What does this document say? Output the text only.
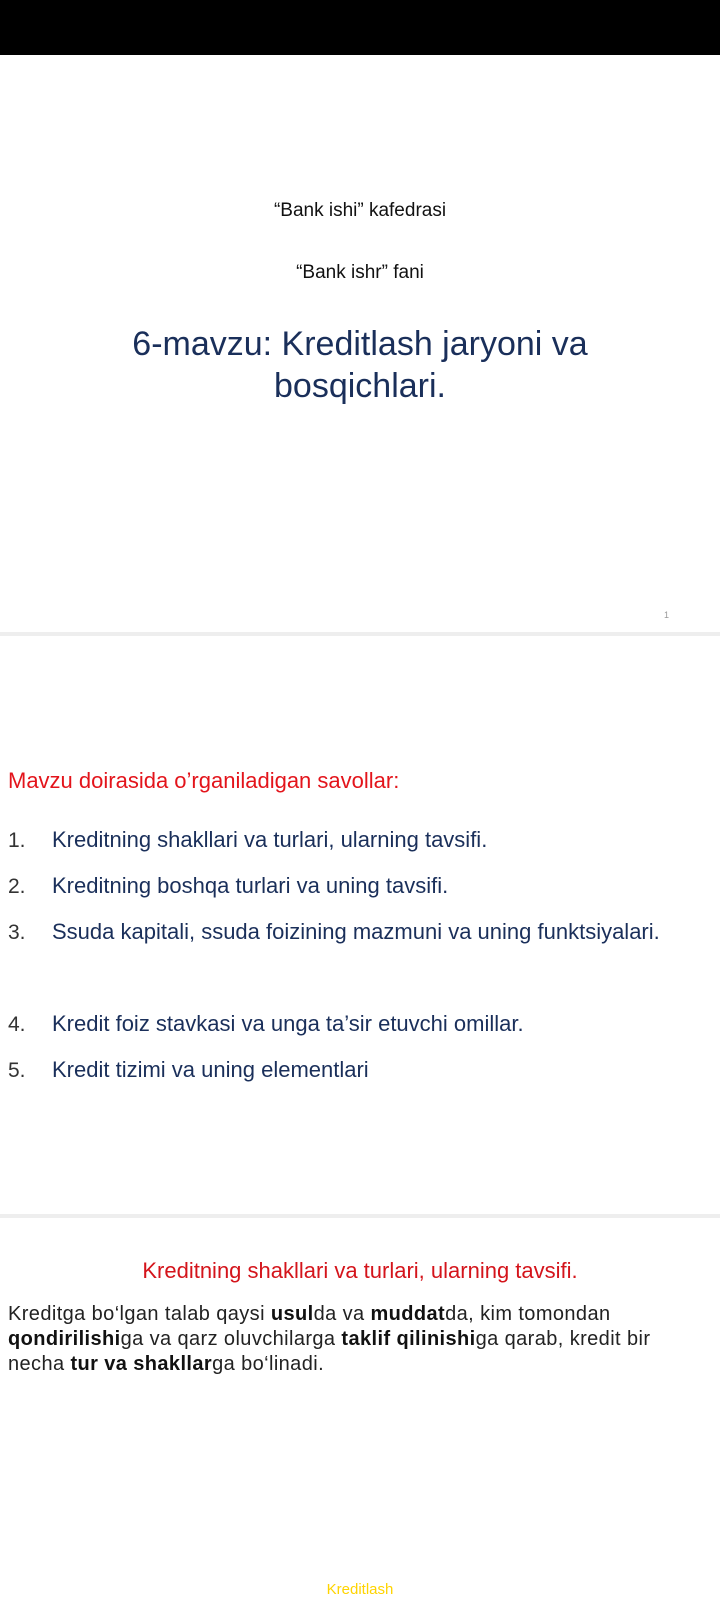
“Bank ishi” kafedrasi
“Bank ishr” fani
6-mavzu: Kreditlash jaryoni va
bosqichlari.
1
Mavzu doirasida o’rganiladigan savollar:
1. Kreditning shakllari va turlari, ularning tavsifi.
2. Kreditning boshqa turlari va uning tavsifi.
3. Ssuda kapitali, ssuda foizining mazmuni va uning funktsiyalari.
4. Kredit foiz stavkasi va unga ta’sir etuvchi omillar.
5. Kredit tizimi va uning elementlari
Kreditning shakllari va turlari, ularning tavsifi.
Kreditga bo‘lgan talab qaysi usulda va muddatda, kim tomondan qondirilishiga va qarz oluvchilarga taklif qilinishiga qarab, kredit bir necha tur va shakllarga bo‘linadi.
Kreditlash
